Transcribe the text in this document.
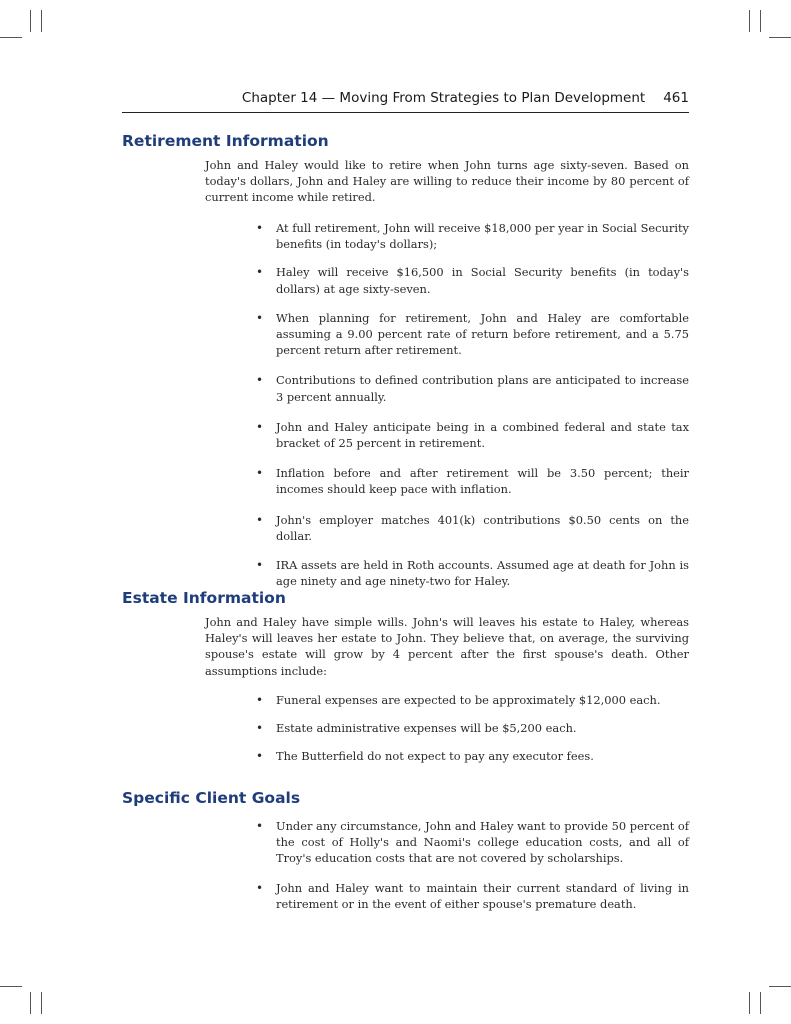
Chapter 14 — Moving From Strategies to Plan Development 461
Retirement Information

John and Haley would like to retire when John turns age sixty-seven. Based on today's dollars, John and Haley are willing to reduce their income by 80 percent of current income while retired.

• At full retirement, John will receive $18,000 per year in Social Security benefits (in today's dollars);
• Haley will receive $16,500 in Social Security benefits (in today's dollars) at age sixty-seven.
• When planning for retirement, John and Haley are comfortable assuming a 9.00 percent rate of return before retirement, and a 5.75 percent return after retirement.
• Contributions to defined contribution plans are anticipated to increase 3 percent annually.
• John and Haley anticipate being in a combined federal and state tax bracket of 25 percent in retirement.
• Inflation before and after retirement will be 3.50 percent; their incomes should keep pace with inflation.
• John's employer matches 401(k) contributions $0.50 cents on the dollar.
• IRA assets are held in Roth accounts. Assumed age at death for John is age ninety and age ninety-two for Haley.
Estate Information

John and Haley have simple wills. John's will leaves his estate to Haley, whereas Haley's will leaves her estate to John. They believe that, on average, the surviving spouse's estate will grow by 4 percent after the first spouse's death. Other assumptions include:

• Funeral expenses are expected to be approximately $12,000 each.
• Estate administrative expenses will be $5,200 each.
• The Butterfield do not expect to pay any executor fees.
Specific Client Goals
• Under any circumstance, John and Haley want to provide 50 percent of the cost of Holly's and Naomi's college education costs, and all of Troy's education costs that are not covered by scholarships.
• John and Haley want to maintain their current standard of living in retirement or in the event of either spouse's premature death.
